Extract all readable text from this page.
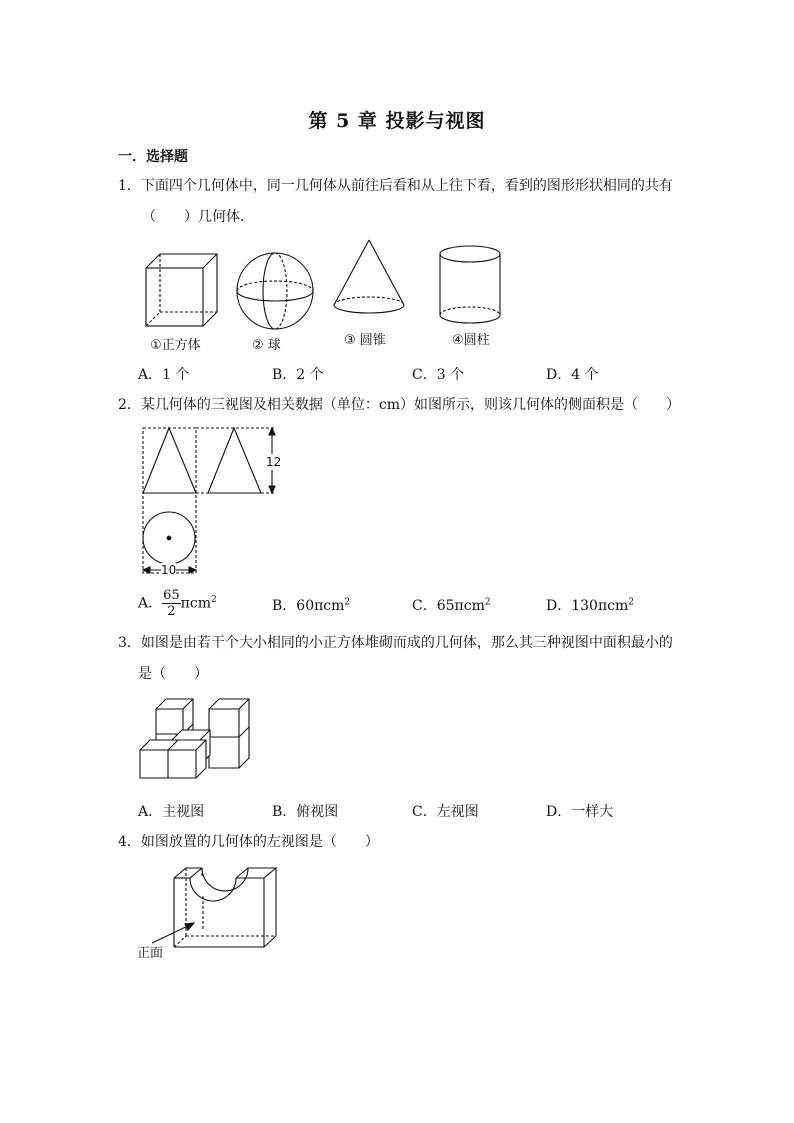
第 5 章 投影与视图
一．选择题
1．下面四个几何体中，同一几何体从前往后看和从上往下看，看到的图形形状相同的共有
（　　）几何体．
①正方体	② 球	③ 圆锥	④圆柱
A．1 个	B．2 个	C．3 个	D．4 个
2．某几何体的三视图及相关数据（单位：cm）如图所示，则该几何体的侧面积是（　　）
12
10
A． $\frac{65}{2} \pi cm^2$	B．60πcm$^2$	C．65πcm$^2$	D．130πcm$^2$
3．如图是由若干个大小相同的小正方体堆砌而成的几何体，那么其三种视图中面积最小的
是（　　）
A．主视图	B．俯视图	C．左视图	D．一样大
4．如图放置的几何体的左视图是（　　）
正面
